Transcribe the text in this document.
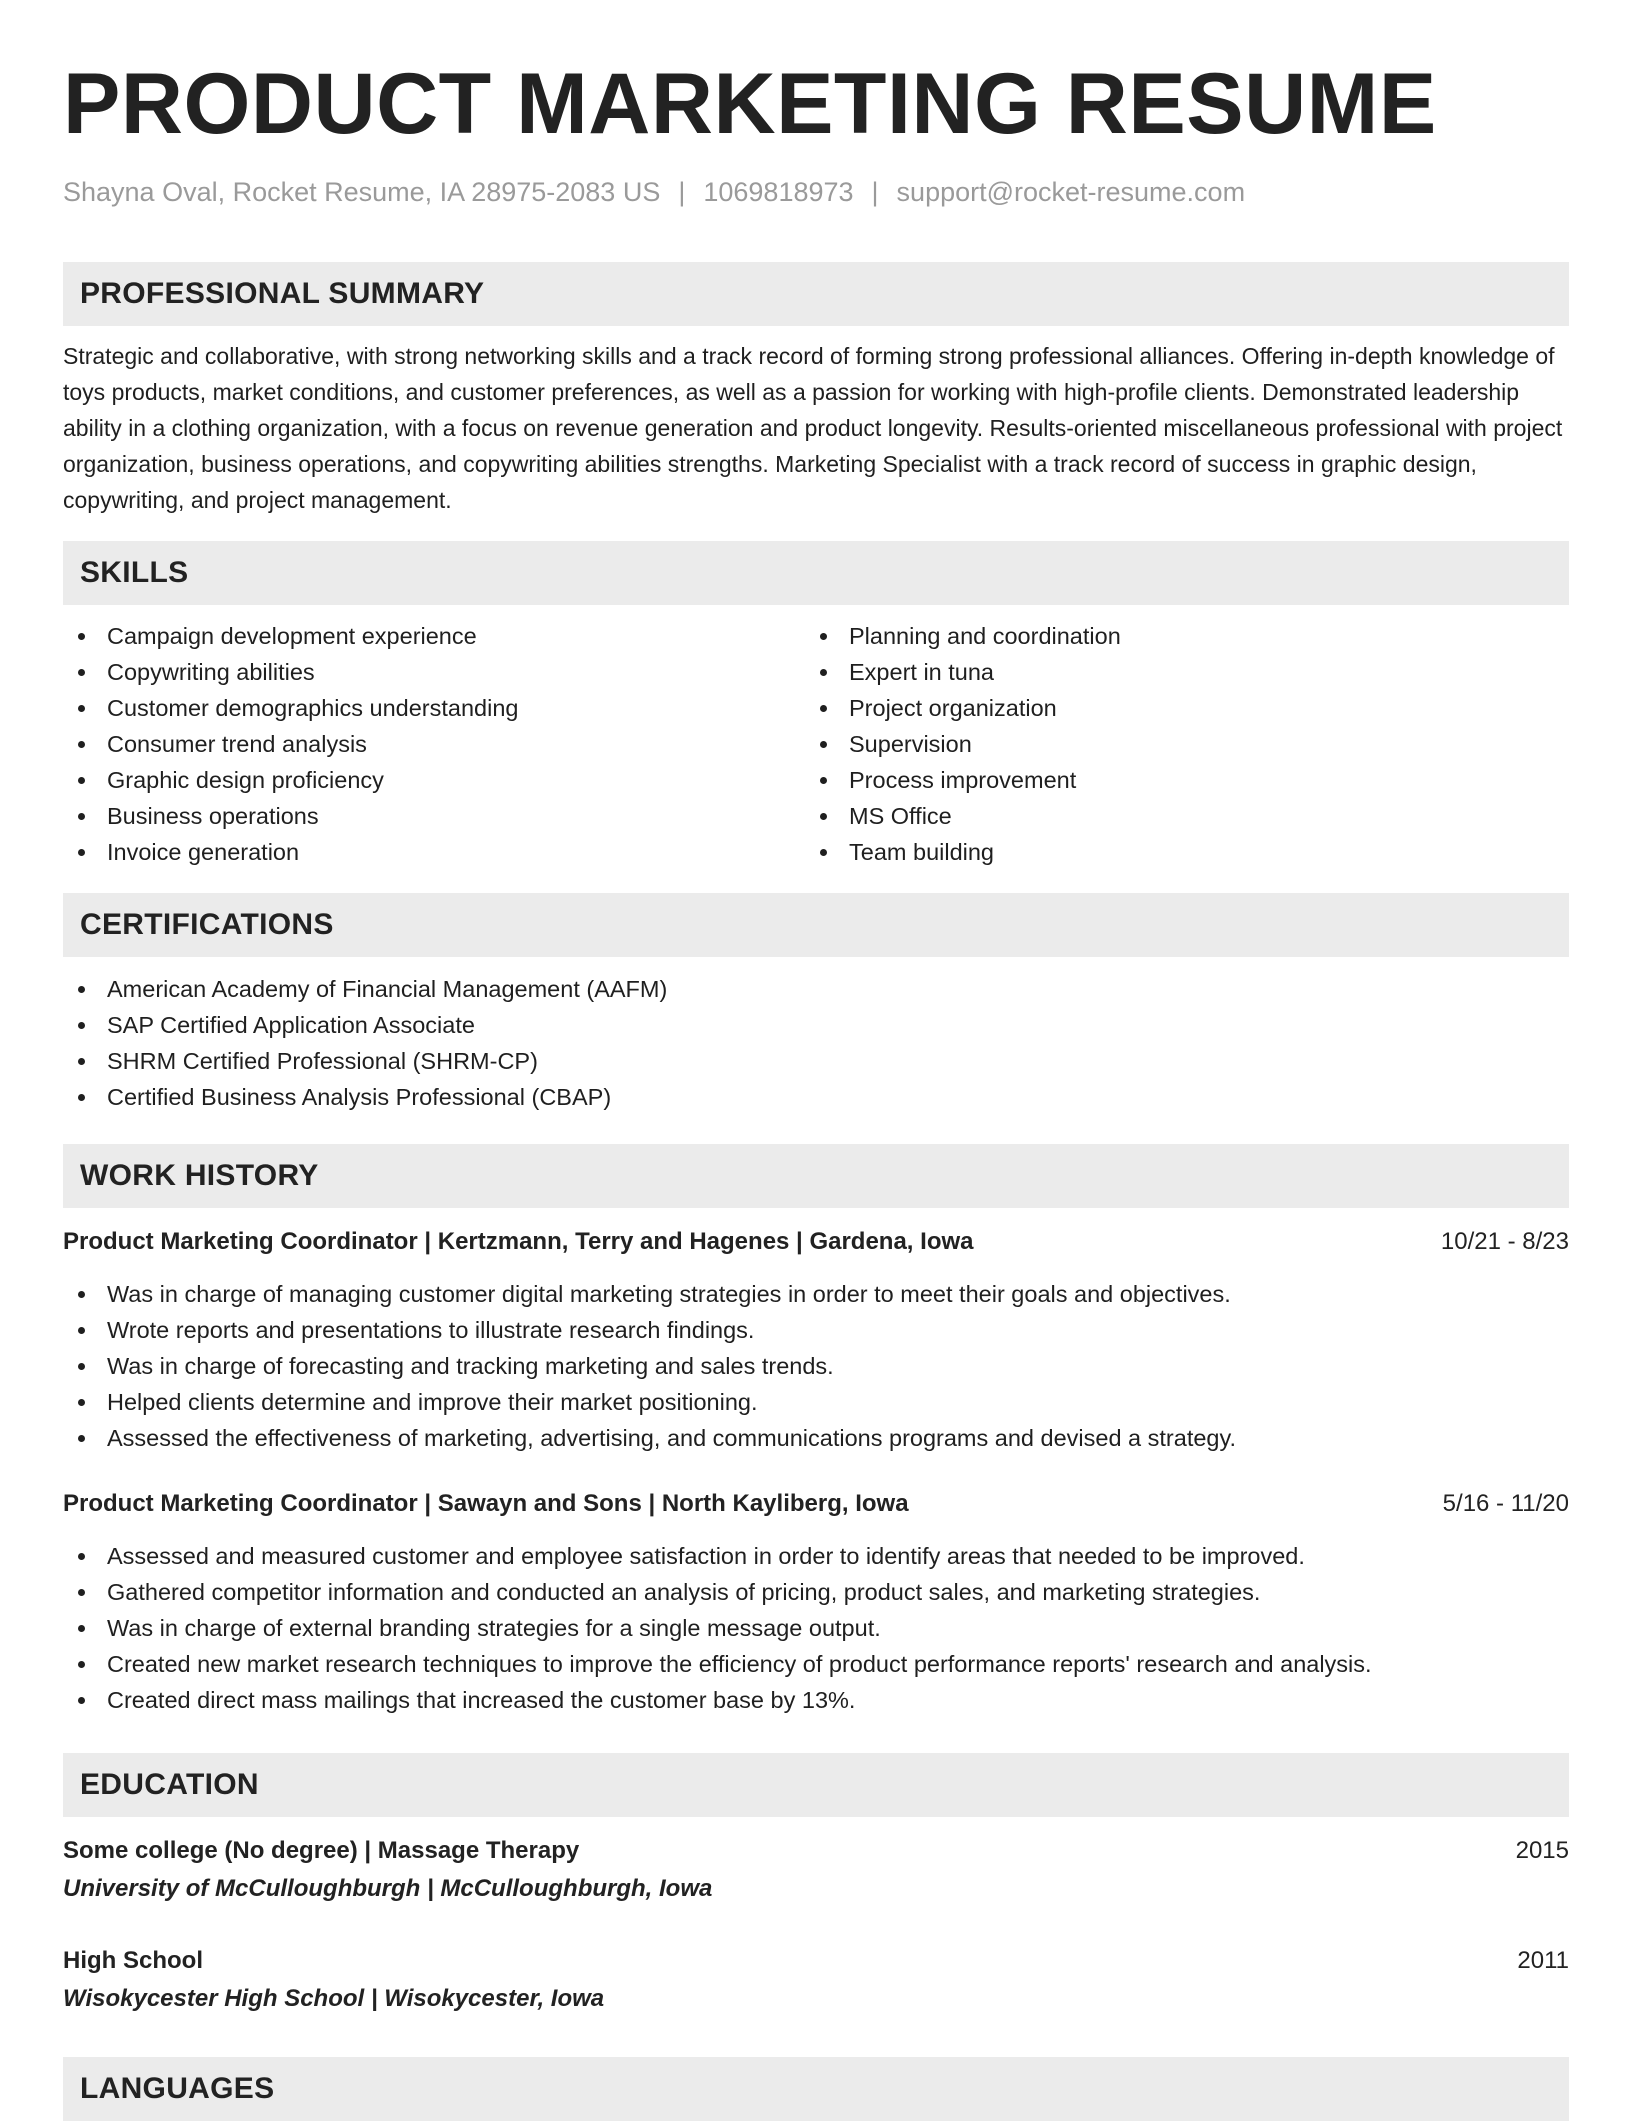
PRODUCT MARKETING RESUME
Shayna Oval, Rocket Resume, IA 28975-2083 US | 1069818973 | support@rocket-resume.com
PROFESSIONAL SUMMARY
Strategic and collaborative, with strong networking skills and a track record of forming strong professional alliances. Offering in-depth knowledge of toys products, market conditions, and customer preferences, as well as a passion for working with high-profile clients. Demonstrated leadership ability in a clothing organization, with a focus on revenue generation and product longevity. Results-oriented miscellaneous professional with project organization, business operations, and copywriting abilities strengths. Marketing Specialist with a track record of success in graphic design, copywriting, and project management.
SKILLS
Campaign development experience
Copywriting abilities
Customer demographics understanding
Consumer trend analysis
Graphic design proficiency
Business operations
Invoice generation
Planning and coordination
Expert in tuna
Project organization
Supervision
Process improvement
MS Office
Team building
CERTIFICATIONS
American Academy of Financial Management (AAFM)
SAP Certified Application Associate
SHRM Certified Professional (SHRM-CP)
Certified Business Analysis Professional (CBAP)
WORK HISTORY
Product Marketing Coordinator | Kertzmann, Terry and Hagenes | Gardena, Iowa	10/21 - 8/23
Was in charge of managing customer digital marketing strategies in order to meet their goals and objectives.
Wrote reports and presentations to illustrate research findings.
Was in charge of forecasting and tracking marketing and sales trends.
Helped clients determine and improve their market positioning.
Assessed the effectiveness of marketing, advertising, and communications programs and devised a strategy.
Product Marketing Coordinator | Sawayn and Sons | North Kayliberg, Iowa	5/16 - 11/20
Assessed and measured customer and employee satisfaction in order to identify areas that needed to be improved.
Gathered competitor information and conducted an analysis of pricing, product sales, and marketing strategies.
Was in charge of external branding strategies for a single message output.
Created new market research techniques to improve the efficiency of product performance reports' research and analysis.
Created direct mass mailings that increased the customer base by 13%.
EDUCATION
Some college (No degree) | Massage Therapy	2015
University of McCulloughburgh | McCulloughburgh, Iowa
High School	2011
Wisokycester High School | Wisokycester, Iowa
LANGUAGES
